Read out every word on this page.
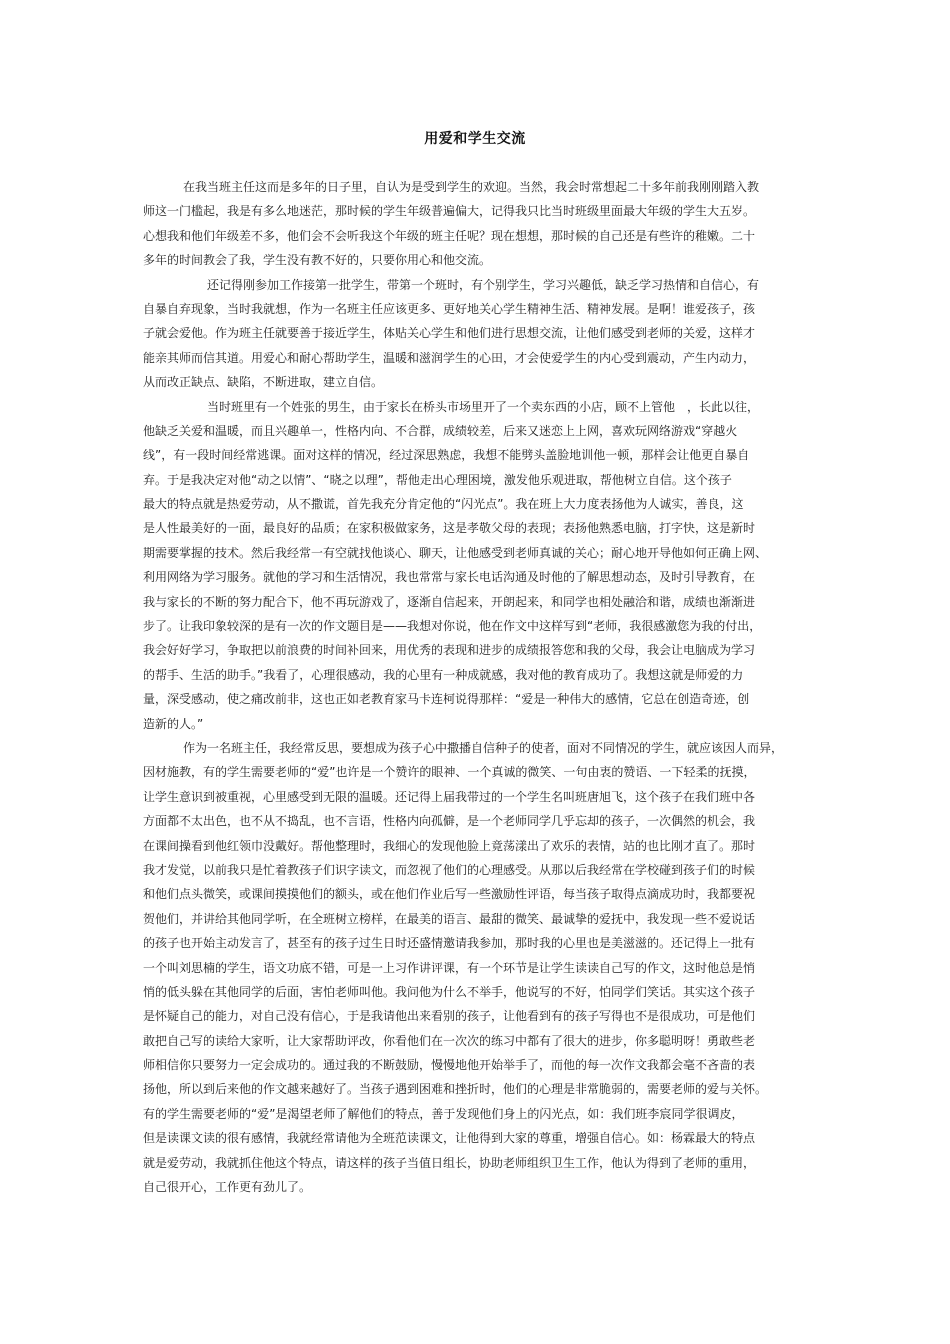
用爱和学生交流
在我当班主任这而是多年的日子里，自认为是受到学生的欢迎。当然，我会时常想起二十多年前我刚刚踏入教
师这一门槛起，我是有多么地迷茫，那时候的学生年级普遍偏大，记得我只比当时班级里面最大年级的学生大五岁。
心想我和他们年级差不多，他们会不会听我这个年级的班主任呢？现在想想，那时候的自己还是有些许的稚嫩。二十
多年的时间教会了我，学生没有教不好的，只要你用心和他交流。
还记得刚参加工作接第一批学生，带第一个班时，有个别学生，学习兴趣低，缺乏学习热情和自信心，有
自暴自弃现象，当时我就想，作为一名班主任应该更多、更好地关心学生精神生活、精神发展。是啊！谁爱孩子，孩
子就会爱他。作为班主任就要善于接近学生，体贴关心学生和他们进行思想交流，让他们感受到老师的关爱，这样才
能亲其师而信其道。用爱心和耐心帮助学生，温暖和滋润学生的心田，才会使爱学生的内心受到震动，产生内动力，
从而改正缺点、缺陷，不断进取，建立自信。
当时班里有一个姓张的男生，由于家长在桥头市场里开了一个卖东西的小店，顾不上管他　，长此以往，
他缺乏关爱和温暖，而且兴趣单一，性格内向、不合群，成绩较差，后来又迷恋上上网，喜欢玩网络游戏“穿越火
线”，有一段时间经常逃课。面对这样的情况，经过深思熟虑，我想不能劈头盖脸地训他一顿，那样会让他更自暴自
弃。于是我决定对他“动之以情”、“晓之以理”，帮他走出心理困境，激发他乐观进取，帮他树立自信。这个孩子
最大的特点就是热爱劳动，从不撒谎，首先我充分肯定他的“闪光点”。我在班上大力度表扬他为人诚实，善良，这
是人性最美好的一面，最良好的品质；在家积极做家务，这是孝敬父母的表现；表扬他熟悉电脑，打字快，这是新时
期需要掌握的技术。然后我经常一有空就找他谈心、聊天，让他感受到老师真诚的关心；耐心地开导他如何正确上网、
利用网络为学习服务。就他的学习和生活情况，我也常常与家长电话沟通及时他的了解思想动态，及时引导教育，在
我与家长的不断的努力配合下，他不再玩游戏了，逐渐自信起来，开朗起来，和同学也相处融洽和谐，成绩也渐渐进
步了。让我印象较深的是有一次的作文题目是——我想对你说，他在作文中这样写到“老师，我很感激您为我的付出，
我会好好学习，争取把以前浪费的时间补回来，用优秀的表现和进步的成绩报答您和我的父母，我会让电脑成为学习
的帮手、生活的助手。”我看了，心理很感动，我的心里有一种成就感，我对他的教育成功了。我想这就是师爱的力
量，深受感动，使之痛改前非，这也正如老教育家马卡连柯说得那样：“爱是一种伟大的感情，它总在创造奇迹，创
造新的人。”
作为一名班主任，我经常反思，要想成为孩子心中撒播自信种子的使者，面对不同情况的学生，就应该因人而异，
因材施教，有的学生需要老师的“爱”也许是一个赞许的眼神、一个真诚的微笑、一句由衷的赞语、一下轻柔的抚摸，
让学生意识到被重视，心里感受到无限的温暖。还记得上届我带过的一个学生名叫班唐旭飞，这个孩子在我们班中各
方面都不太出色，也不从不捣乱，也不言语，性格内向孤僻，是一个老师同学几乎忘却的孩子，一次偶然的机会，我
在课间操看到他红领巾没戴好。帮他整理时，我细心的发现他脸上竟荡漾出了欢乐的表情，站的也比刚才直了。那时
我才发觉，以前我只是忙着教孩子们识字读文，而忽视了他们的心理感受。从那以后我经常在学校碰到孩子们的时候
和他们点头微笑，或课间摸摸他们的额头，或在他们作业后写一些激励性评语，每当孩子取得点滴成功时，我都要祝
贺他们，并讲给其他同学听，在全班树立榜样，在最美的语言、最甜的微笑、最诚挚的爱抚中，我发现一些不爱说话
的孩子也开始主动发言了，甚至有的孩子过生日时还盛情邀请我参加，那时我的心里也是美滋滋的。还记得上一批有
一个叫刘思楠的学生，语文功底不错，可是一上习作讲评课，有一个环节是让学生读读自己写的作文，这时他总是悄
悄的低头躲在其他同学的后面，害怕老师叫他。我问他为什么不举手，他说写的不好，怕同学们笑话。其实这个孩子
是怀疑自己的能力，对自己没有信心，于是我请他出来看别的孩子，让他看到有的孩子写得也不是很成功，可是他们
敢把自己写的读给大家听，让大家帮助评改，你看他们在一次次的练习中都有了很大的进步，你多聪明呀！勇敢些老
师相信你只要努力一定会成功的。通过我的不断鼓励，慢慢地他开始举手了，而他的每一次作文我都会毫不吝啬的表
扬他，所以到后来他的作文越来越好了。当孩子遇到困难和挫折时，他们的心理是非常脆弱的，需要老师的爱与关怀。
有的学生需要老师的“爱”是渴望老师了解他们的特点，善于发现他们身上的闪光点，如：我们班李宸同学很调皮，
但是读课文读的很有感情，我就经常请他为全班范读课文，让他得到大家的尊重，增强自信心。如：杨霖最大的特点
就是爱劳动，我就抓住他这个特点，请这样的孩子当值日组长，协助老师组织卫生工作，他认为得到了老师的重用，
自己很开心，工作更有劲儿了。
